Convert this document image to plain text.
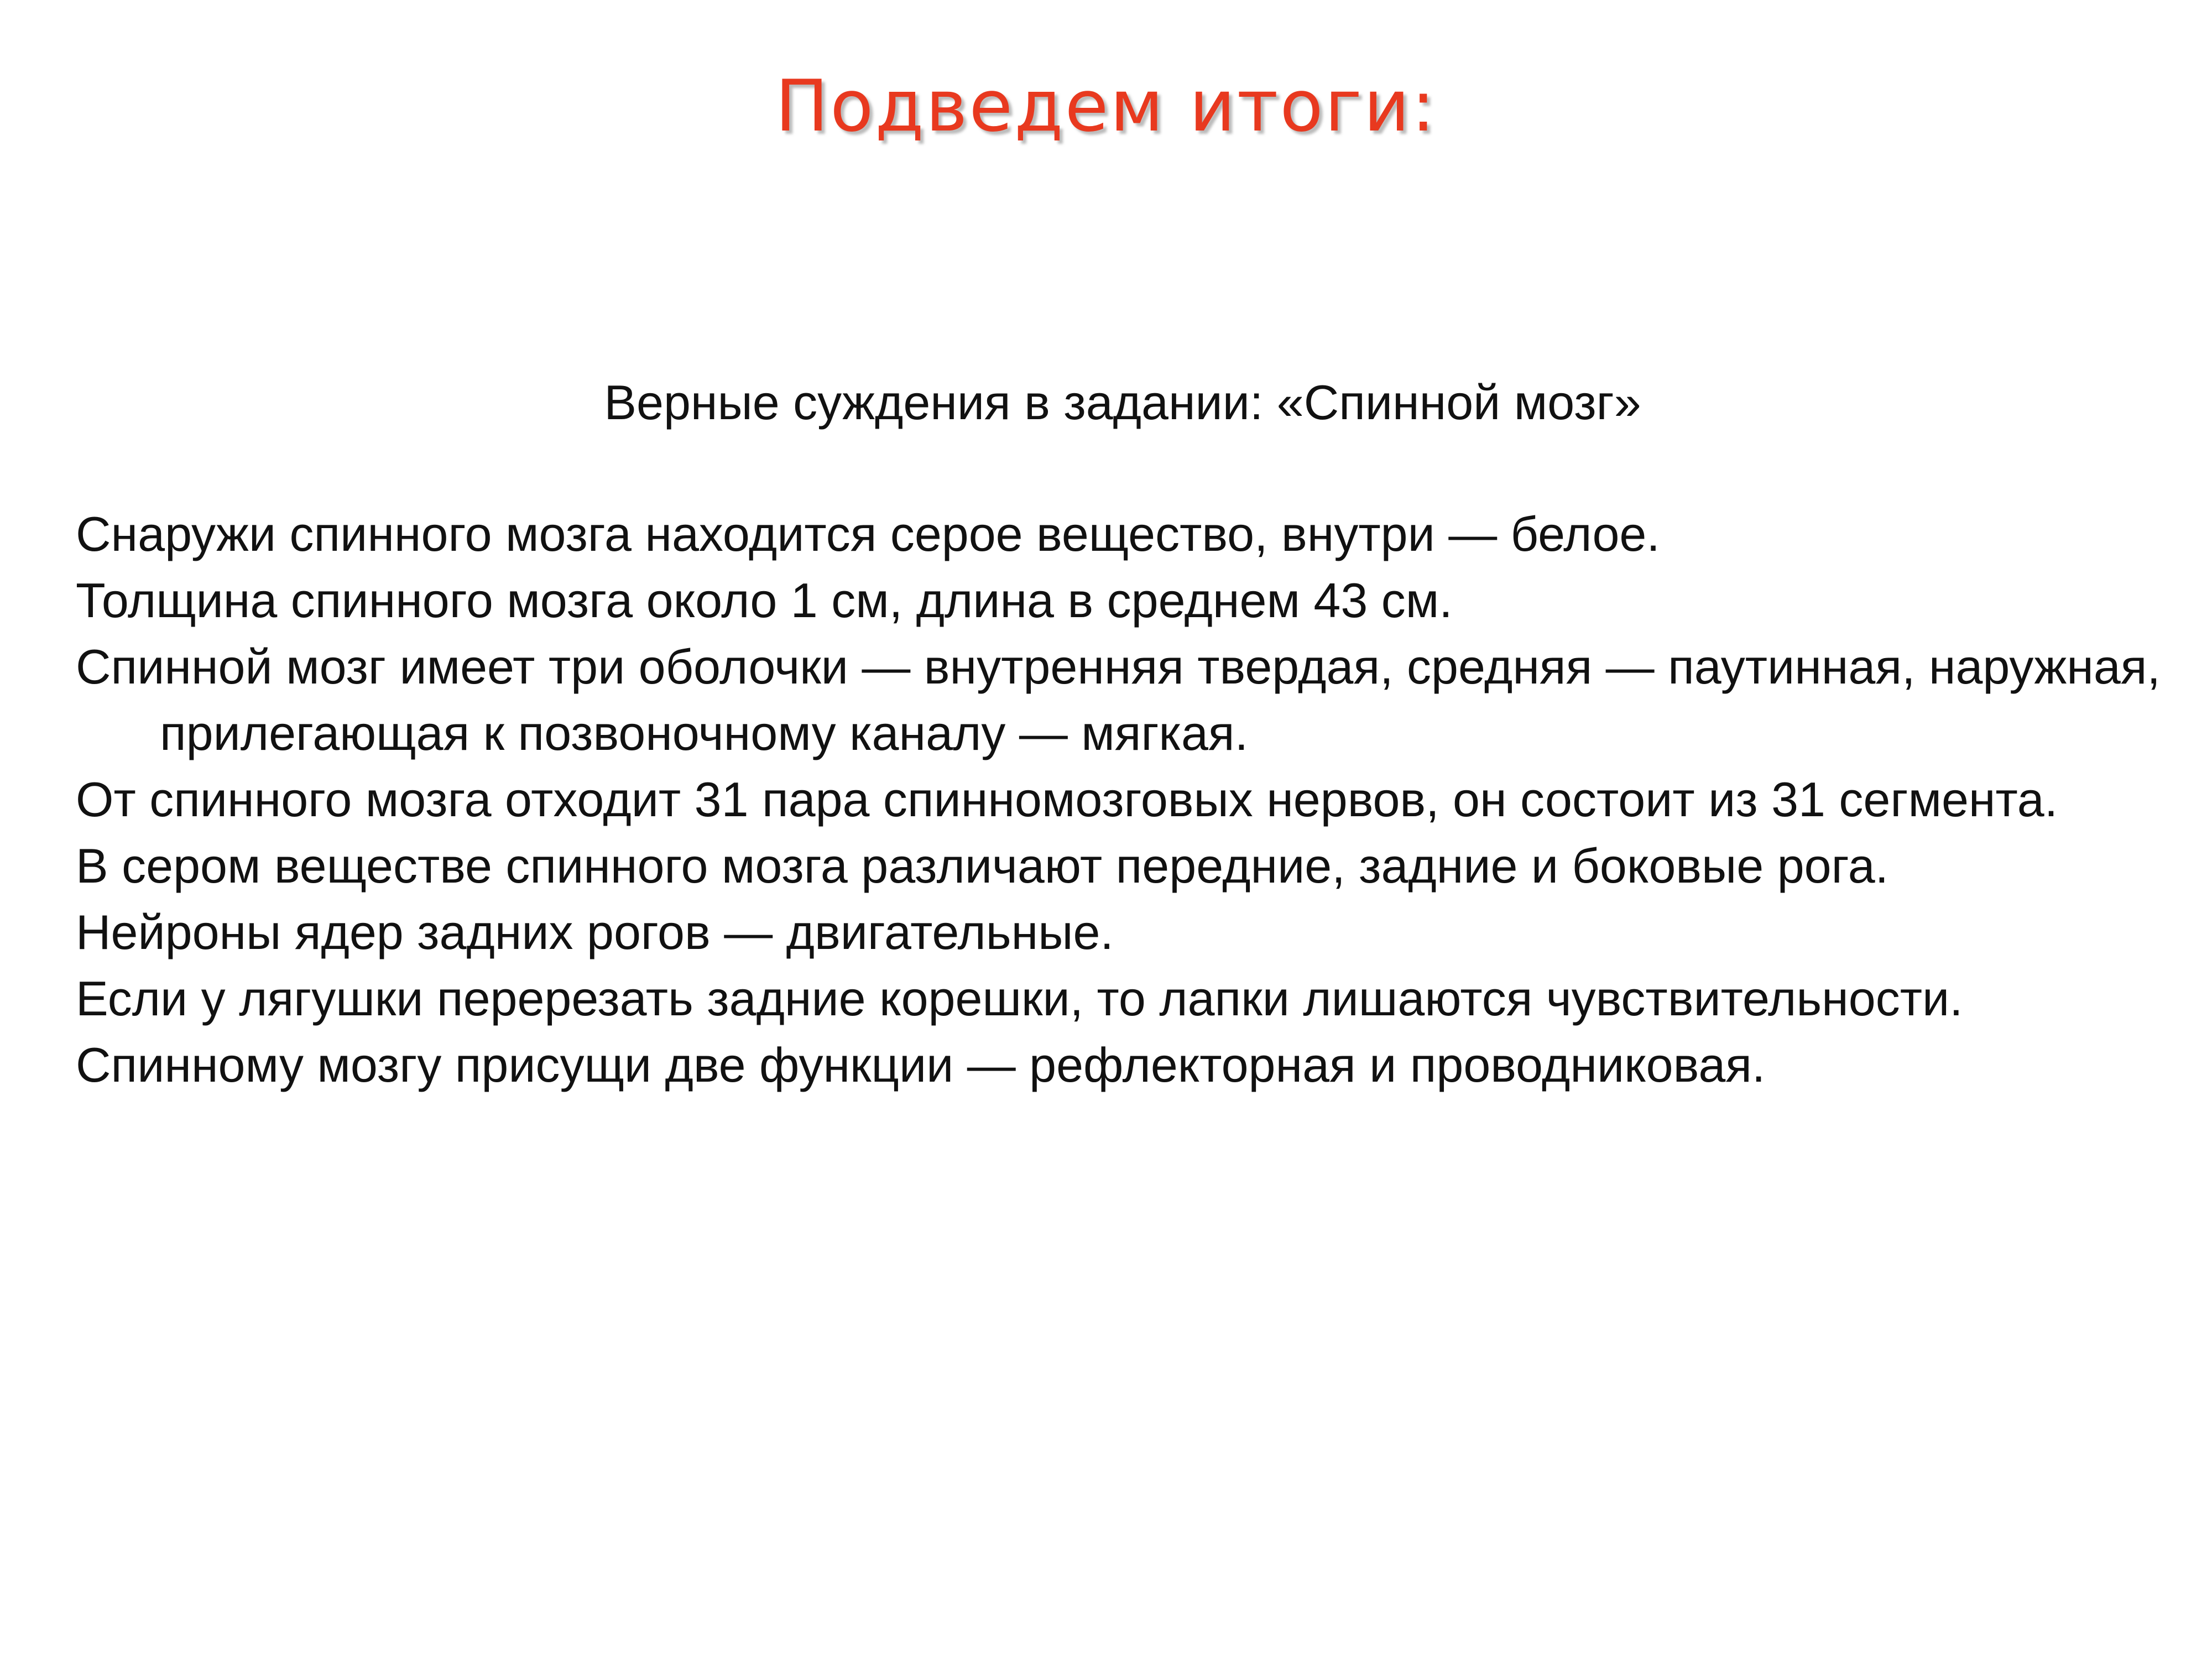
Подведем итоги:

Верные суждения в задании: «Спинной мозг»

Снаружи спинного мозга находится серое вещество, внутри — белое.
Толщина спинного мозга около 1 см, длина в среднем 43 см.
Спинной мозг имеет три оболочки — внутренняя твердая, средняя — паутинная, наружная, прилегающая к позвоночному каналу — мягкая.
От спинного мозга отходит 31 пара спинномозговых нервов, он состоит из 31 сегмента.
В сером веществе спинного мозга различают передние, задние и боковые рога.
Нейроны ядер задних рогов — двигательные.
Если у лягушки перерезать задние корешки, то лапки лишаются чувствительности.
Спинному мозгу присущи две функции — рефлекторная и проводниковая.
